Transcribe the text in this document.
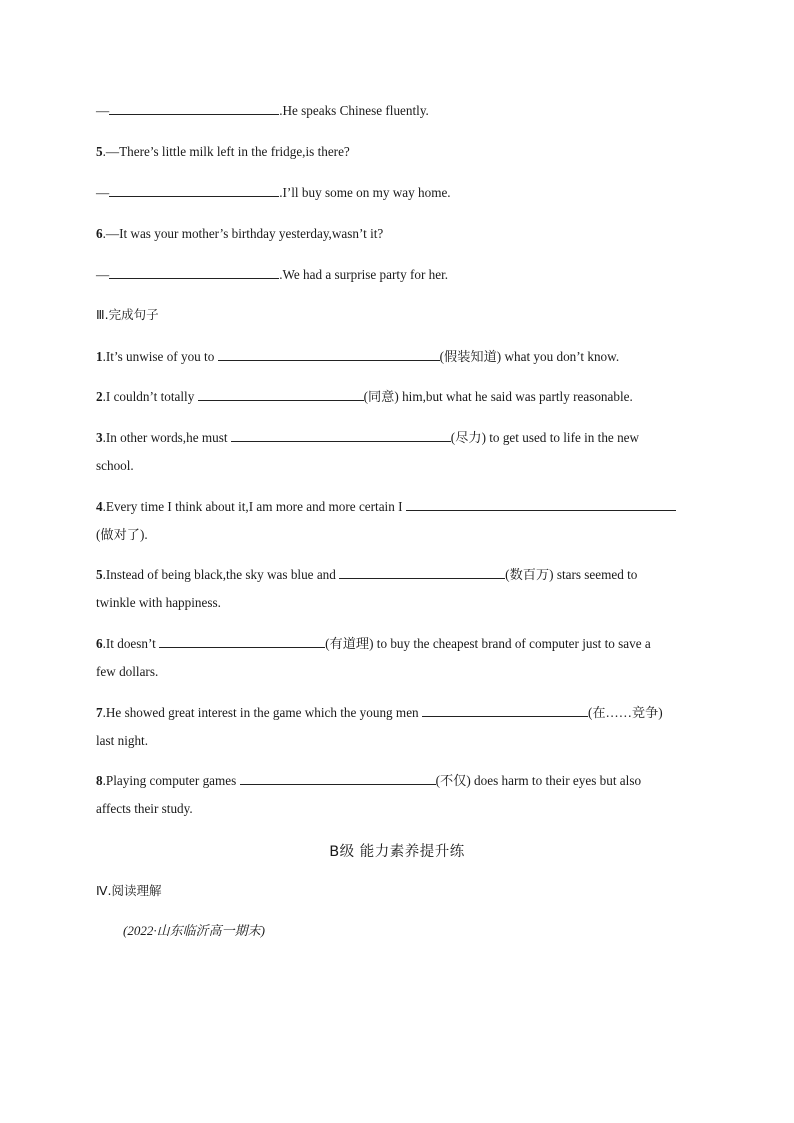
—	.He speaks Chinese fluently.
5.—There’s little milk left in the fridge,is there?
—	.I’ll buy some on my way home.
6.—It was your mother’s birthday yesterday,wasn’t it?
—	.We had a surprise party for her.
Ⅲ.完成句子
1.It’s unwise of you to	(假装知道) what you don’t know.
2.I couldn’t totally	(同意) him,but what he said was partly reasonable.
3.In other words,he must	(尽力) to get used to life in the new
school.
4.Every time I think about it,I am more and more certain I
(做对了).
5.Instead of being black,the sky was blue and	(数百万) stars seemed to
twinkle with happiness.
6.It doesn’t	(有道理) to buy the cheapest brand of computer just to save a
few dollars.
7.He showed great interest in the game which the young men	(在……竞争)
last night.
8.Playing computer games	(不仅) does harm to their eyes but also
affects their study.
B级 能力素养提升练
Ⅳ.阅读理解
(2022·山东临沂高一期末)
